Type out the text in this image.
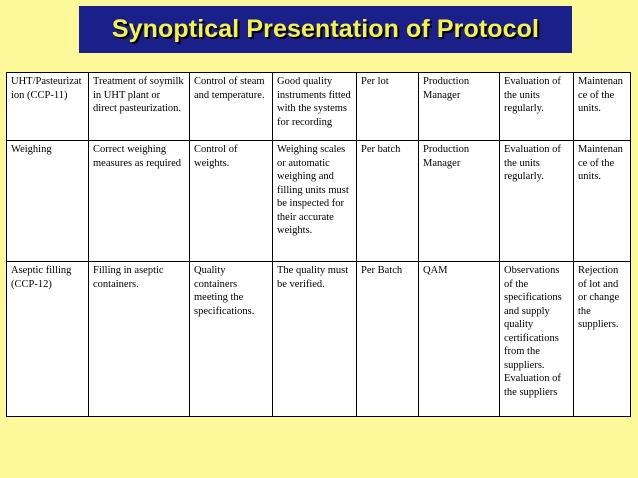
Synoptical Presentation of Protocol
UHT/Pasteurization (CCP-11)	Treatment of soymilk in UHT plant or direct pasteurization.	Control of steam and temperature.	Good quality instruments fitted with the systems for recording	Per lot	Production Manager	Evaluation of the units regularly.	Maintenance of the units.
Weighing	Correct weighing measures as required	Control of weights.	Weighing scales or automatic weighing and filling units must be inspected for their accurate weights.	Per batch	Production Manager	Evaluation of the units regularly.	Maintenance of the units.
Aseptic filling (CCP-12)	Filling in aseptic containers.	Quality containers meeting the specifications.	The quality must be verified.	Per Batch	QAM	Observations of the specifications and supply quality certifications from the suppliers. Evaluation of the suppliers	Rejection of lot and or change the suppliers.
